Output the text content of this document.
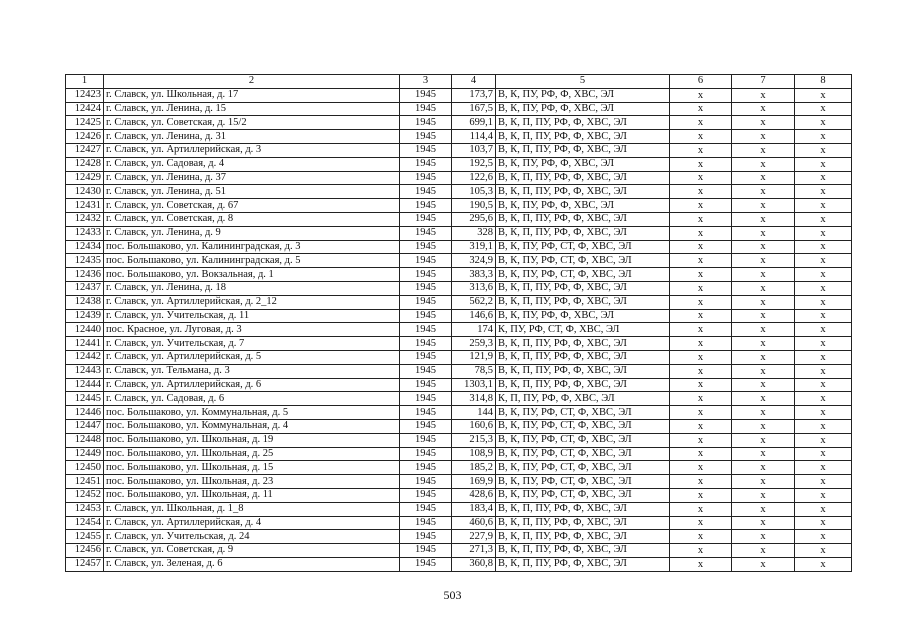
1	2	3	4	5	6	7	8
12423	г. Славск, ул. Школьная, д. 17	1945	173,7	В, К, ПУ, РФ, Ф, ХВС, ЭЛ	x	x	x
12424	г. Славск, ул. Ленина, д. 15	1945	167,5	В, К, ПУ, РФ, Ф, ХВС, ЭЛ	x	x	x
12425	г. Славск, ул. Советская, д. 15/2	1945	699,1	В, К, П, ПУ, РФ, Ф, ХВС, ЭЛ	x	x	x
12426	г. Славск, ул. Ленина, д. 31	1945	114,4	В, К, П, ПУ, РФ, Ф, ХВС, ЭЛ	x	x	x
12427	г. Славск, ул. Артиллерийская, д. 3	1945	103,7	В, К, П, ПУ, РФ, Ф, ХВС, ЭЛ	x	x	x
12428	г. Славск, ул. Садовая, д. 4	1945	192,5	В, К, ПУ, РФ, Ф, ХВС, ЭЛ	x	x	x
12429	г. Славск, ул. Ленина, д. 37	1945	122,6	В, К, П, ПУ, РФ, Ф, ХВС, ЭЛ	x	x	x
12430	г. Славск, ул. Ленина, д. 51	1945	105,3	В, К, П, ПУ, РФ, Ф, ХВС, ЭЛ	x	x	x
12431	г. Славск, ул. Советская, д. 67	1945	190,5	В, К, ПУ, РФ, Ф, ХВС, ЭЛ	x	x	x
12432	г. Славск, ул. Советская, д. 8	1945	295,6	В, К, П, ПУ, РФ, Ф, ХВС, ЭЛ	x	x	x
12433	г. Славск, ул. Ленина, д. 9	1945	328	В, К, П, ПУ, РФ, Ф, ХВС, ЭЛ	x	x	x
12434	пос. Большаково, ул. Калининградская, д. 3	1945	319,1	В, К, ПУ, РФ, СТ, Ф, ХВС, ЭЛ	x	x	x
12435	пос. Большаково, ул. Калининградская, д. 5	1945	324,9	В, К, ПУ, РФ, СТ, Ф, ХВС, ЭЛ	x	x	x
12436	пос. Большаково, ул. Вокзальная, д. 1	1945	383,3	В, К, ПУ, РФ, СТ, Ф, ХВС, ЭЛ	x	x	x
12437	г. Славск, ул. Ленина, д. 18	1945	313,6	В, К, П, ПУ, РФ, Ф, ХВС, ЭЛ	x	x	x
12438	г. Славск, ул. Артиллерийская, д. 2_12	1945	562,2	В, К, П, ПУ, РФ, Ф, ХВС, ЭЛ	x	x	x
12439	г. Славск, ул. Учительская, д. 11	1945	146,6	В, К, ПУ, РФ, Ф, ХВС, ЭЛ	x	x	x
12440	пос. Красное, ул. Луговая, д. 3	1945	174	К, ПУ, РФ, СТ, Ф, ХВС, ЭЛ	x	x	x
12441	г. Славск, ул. Учительская, д. 7	1945	259,3	В, К, П, ПУ, РФ, Ф, ХВС, ЭЛ	x	x	x
12442	г. Славск, ул. Артиллерийская, д. 5	1945	121,9	В, К, П, ПУ, РФ, Ф, ХВС, ЭЛ	x	x	x
12443	г. Славск, ул. Тельмана, д. 3	1945	78,5	В, К, П, ПУ, РФ, Ф, ХВС, ЭЛ	x	x	x
12444	г. Славск, ул. Артиллерийская, д. 6	1945	1303,1	В, К, П, ПУ, РФ, Ф, ХВС, ЭЛ	x	x	x
12445	г. Славск, ул. Садовая, д. 6	1945	314,8	К, П, ПУ, РФ, Ф, ХВС, ЭЛ	x	x	x
12446	пос. Большаково, ул. Коммунальная, д. 5	1945	144	В, К, ПУ, РФ, СТ, Ф, ХВС, ЭЛ	x	x	x
12447	пос. Большаково, ул. Коммунальная, д. 4	1945	160,6	В, К, ПУ, РФ, СТ, Ф, ХВС, ЭЛ	x	x	x
12448	пос. Большаково, ул. Школьная, д. 19	1945	215,3	В, К, ПУ, РФ, СТ, Ф, ХВС, ЭЛ	x	x	x
12449	пос. Большаково, ул. Школьная, д. 25	1945	108,9	В, К, ПУ, РФ, СТ, Ф, ХВС, ЭЛ	x	x	x
12450	пос. Большаково, ул. Школьная, д. 15	1945	185,2	В, К, ПУ, РФ, СТ, Ф, ХВС, ЭЛ	x	x	x
12451	пос. Большаково, ул. Школьная, д. 23	1945	169,9	В, К, ПУ, РФ, СТ, Ф, ХВС, ЭЛ	x	x	x
12452	пос. Большаково, ул. Школьная, д. 11	1945	428,6	В, К, ПУ, РФ, СТ, Ф, ХВС, ЭЛ	x	x	x
12453	г. Славск, ул. Школьная, д. 1_8	1945	183,4	В, К, П, ПУ, РФ, Ф, ХВС, ЭЛ	x	x	x
12454	г. Славск, ул. Артиллерийская, д. 4	1945	460,6	В, К, П, ПУ, РФ, Ф, ХВС, ЭЛ	x	x	x
12455	г. Славск, ул. Учительская, д. 24	1945	227,9	В, К, П, ПУ, РФ, Ф, ХВС, ЭЛ	x	x	x
12456	г. Славск, ул. Советская, д. 9	1945	271,3	В, К, П, ПУ, РФ, Ф, ХВС, ЭЛ	x	x	x
12457	г. Славск, ул. Зеленая, д. 6	1945	360,8	В, К, П, ПУ, РФ, Ф, ХВС, ЭЛ	x	x	x
503
